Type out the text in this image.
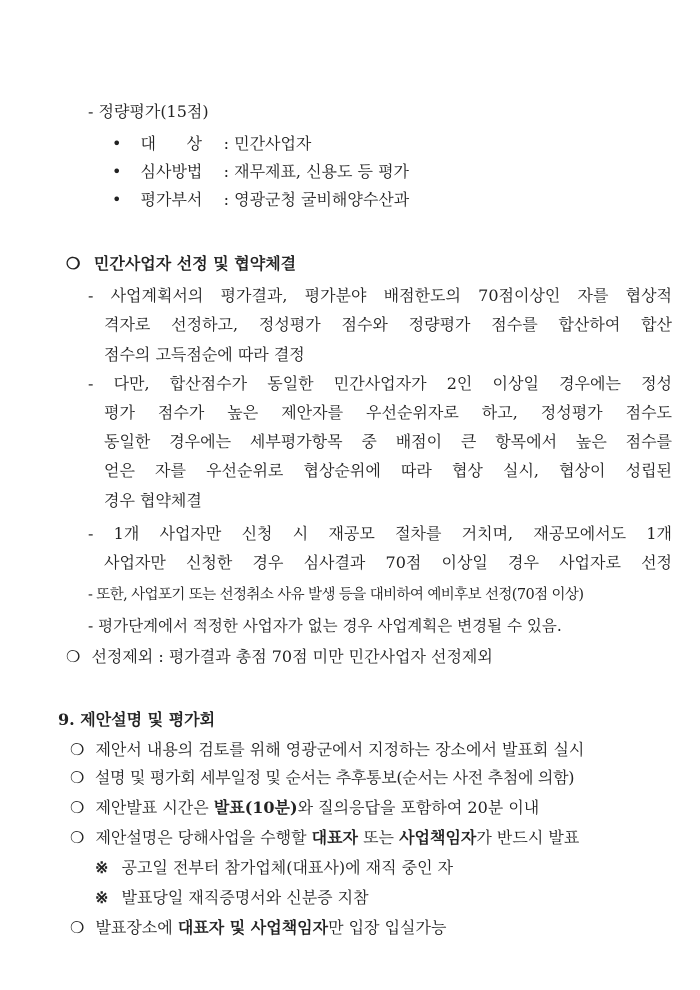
- 정량평가(15점)
• 대      상 : 민간사업자
• 심사방법 : 재무제표, 신용도 등 평가
• 평가부서 : 영광군청 굴비해양수산과
❍ 민간사업자 선정 및 협약체결
- 사업계획서의 평가결과, 평가분야 배점한도의 70점이상인 자를 협상적
격자로 선정하고, 정성평가 점수와 정량평가 점수를 합산하여 합산
점수의 고득점순에 따라 결정
- 다만, 합산점수가 동일한 민간사업자가 2인 이상일 경우에는 정성
평가 점수가 높은 제안자를 우선순위자로 하고, 정성평가 점수도
동일한 경우에는 세부평가항목 중 배점이 큰 항목에서 높은 점수를
얻은 자를 우선순위로 협상순위에 따라 협상 실시, 협상이 성립된
경우 협약체결
- 1개 사업자만 신청 시 재공모 절차를 거치며, 재공모에서도 1개
사업자만 신청한 경우 심사결과 70점 이상일 경우 사업자로 선정
- 또한, 사업포기 또는 선정취소 사유 발생 등을 대비하여 예비후보 선정(70점 이상)
- 평가단계에서 적정한 사업자가 없는 경우 사업계획은 변경될 수 있음.
❍ 선정제외 : 평가결과 총점 70점 미만 민간사업자 선정제외
9. 제안설명 및 평가회
❍ 제안서 내용의 검토를 위해 영광군에서 지정하는 장소에서 발표회 실시
❍ 설명 및 평가회 세부일정 및 순서는 추후통보(순서는 사전 추첨에 의함)
❍ 제안발표 시간은 발표(10분)와 질의응답을 포함하여 20분 이내
❍ 제안설명은 당해사업을 수행할 대표자 또는 사업책임자가 반드시 발표
※ 공고일 전부터 참가업체(대표사)에 재직 중인 자
※ 발표당일 재직증명서와 신분증 지참
❍ 발표장소에 대표자 및 사업책임자만 입장 입실가능
